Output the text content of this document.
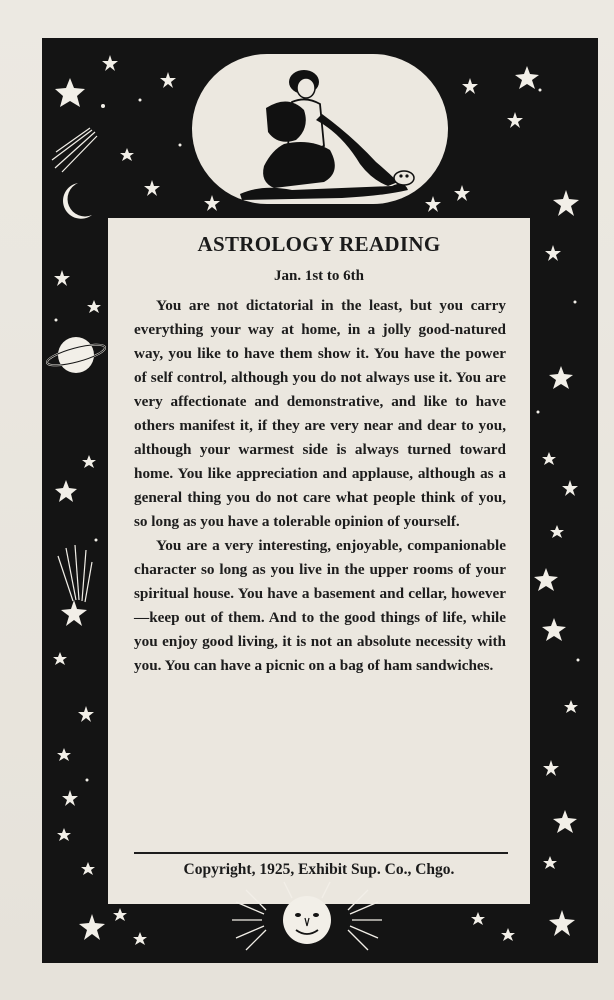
ASTROLOGY READING
Jan. 1st to 6th

You are not dictatorial in the least, but you carry everything your way at home, in a jolly good-natured way, you like to have them show it. You have the power of self control, although you do not always use it. You are very affectionate and demonstrative, and like to have others manifest it, if they are very near and dear to you, although your warmest side is always turned toward home. You like appreciation and applause, although as a general thing you do not care what people think of you, so long as you have a tolerable opinion of yourself.

You are a very interesting, enjoyable, companionable character so long as you live in the upper rooms of your spiritual house. You have a basement and cellar, however—keep out of them. And to the good things of life, while you enjoy good living, it is not an absolute necessity with you. You can have a picnic on a bag of ham sandwiches.

Copyright, 1925, Exhibit Sup. Co., Chgo.
